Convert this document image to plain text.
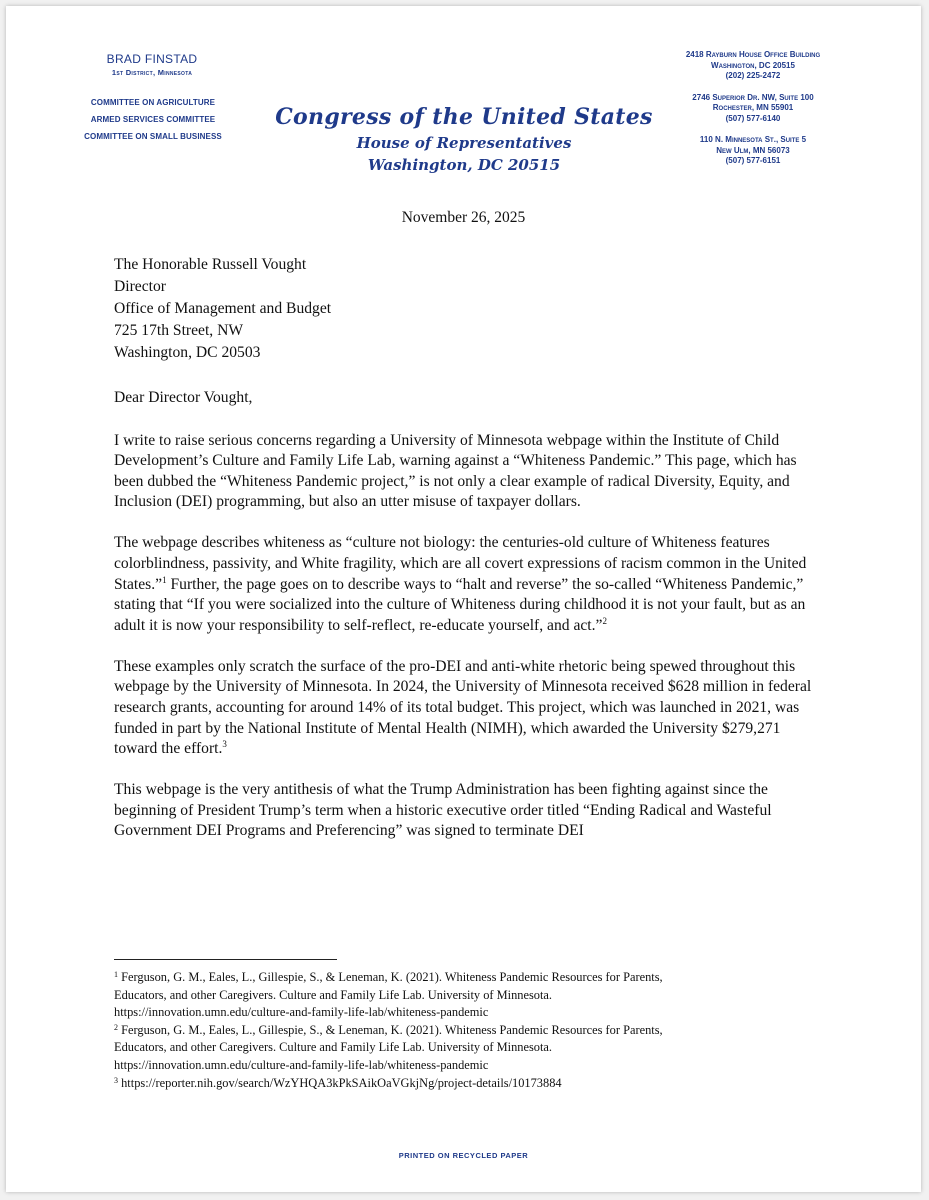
BRAD FINSTAD
1st District, Minnesota
COMMITTEE ON AGRICULTURE
ARMED SERVICES COMMITTEE
COMMITTEE ON SMALL BUSINESS
Congress of the United States
House of Representatives
Washington, DC 20515
2418 Rayburn House Office Building
Washington, DC 20515
(202) 225-2472
2746 Superior Dr. NW, Suite 100
Rochester, MN 55901
(507) 577-6140
110 N. Minnesota St., Suite 5
New Ulm, MN 56073
(507) 577-6151
November 26, 2025
The Honorable Russell Vought
Director
Office of Management and Budget
725 17th Street, NW
Washington, DC 20503

Dear Director Vought,

I write to raise serious concerns regarding a University of Minnesota webpage within the Institute of Child Development’s Culture and Family Life Lab, warning against a “Whiteness Pandemic.” This page, which has been dubbed the “Whiteness Pandemic project,” is not only a clear example of radical Diversity, Equity, and Inclusion (DEI) programming, but also an utter misuse of taxpayer dollars.

The webpage describes whiteness as “culture not biology: the centuries-old culture of Whiteness features colorblindness, passivity, and White fragility, which are all covert expressions of racism common in the United States.”$^1$ Further, the page goes on to describe ways to “halt and reverse” the so-called “Whiteness Pandemic,” stating that “If you were socialized into the culture of Whiteness during childhood it is not your fault, but as an adult it is now your responsibility to self-reflect, re-educate yourself, and act.”$^2$

These examples only scratch the surface of the pro-DEI and anti-white rhetoric being spewed throughout this webpage by the University of Minnesota. In 2024, the University of Minnesota received $628 million in federal research grants, accounting for around 14% of its total budget. This project, which was launched in 2021, was funded in part by the National Institute of Mental Health (NIMH), which awarded the University $279,271 toward the effort.$^3$

This webpage is the very antithesis of what the Trump Administration has been fighting against since the beginning of President Trump’s term when a historic executive order titled “Ending Radical and Wasteful Government DEI Programs and Preferencing” was signed to terminate DEI

$^1$ Ferguson, G. M., Eales, L., Gillespie, S., & Leneman, K. (2021). Whiteness Pandemic Resources for Parents,
Educators, and other Caregivers. Culture and Family Life Lab. University of Minnesota.
https://innovation.umn.edu/culture-and-family-life-lab/whiteness-pandemic
$^2$ Ferguson, G. M., Eales, L., Gillespie, S., & Leneman, K. (2021). Whiteness Pandemic Resources for Parents,
Educators, and other Caregivers. Culture and Family Life Lab. University of Minnesota.
https://innovation.umn.edu/culture-and-family-life-lab/whiteness-pandemic
$^3$ https://reporter.nih.gov/search/WzYHQA3kPkSAikOaVGkjNg/project-details/10173884
PRINTED ON RECYCLED PAPER
